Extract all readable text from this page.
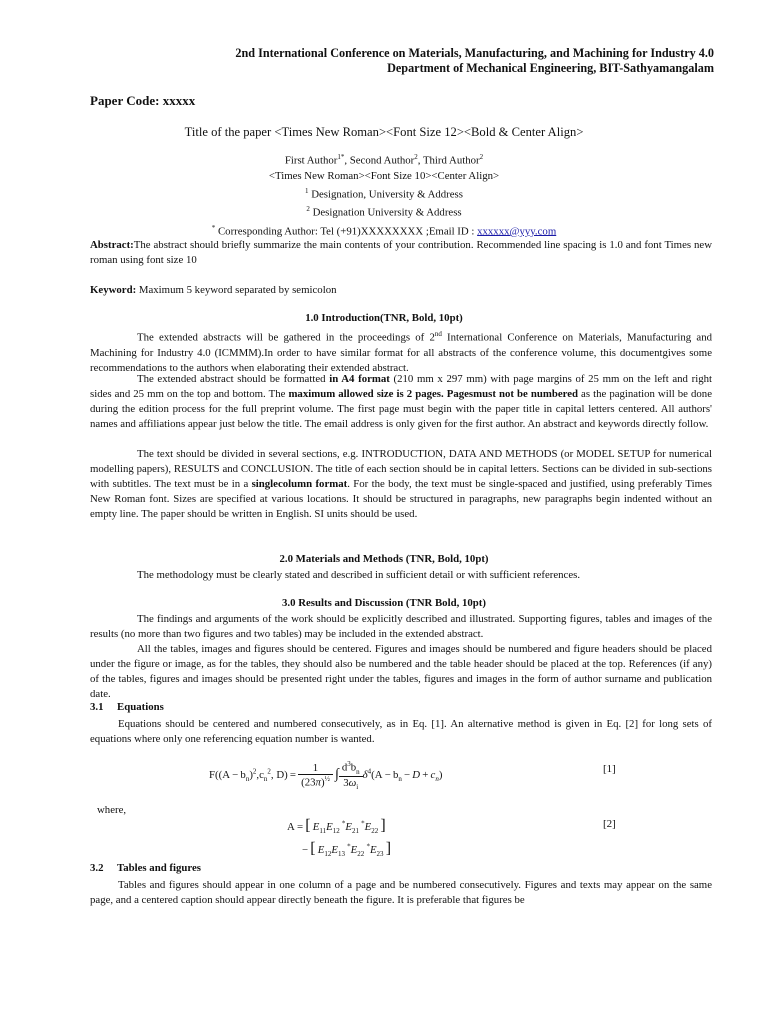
2nd International Conference on Materials, Manufacturing, and Machining for Industry 4.0
Department of Mechanical Engineering, BIT-Sathyamangalam
Paper Code: xxxxx
Title of the paper <Times New Roman><Font Size 12><Bold & Center Align>
First Author$^{1*}$, Second Author$^2$, Third Author$^2$
<Times New Roman><Font Size 10><Center Align>
$^1$ Designation, University & Address
$^2$ Designation University & Address
* Corresponding Author: Tel (+91)XXXXXXXX ;Email ID : xxxxxx@yyy.com
Abstract:The abstract should briefly summarize the main contents of your contribution. Recommended line spacing is 1.0 and font Times new roman using font size 10
Keyword: Maximum 5 keyword separated by semicolon
1.0 Introduction(TNR, Bold, 10pt)
The extended abstracts will be gathered in the proceedings of 2nd International Conference on Materials, Manufacturing and Machining for Industry 4.0 (ICMMM).In order to have similar format for all abstracts of the conference volume, this documentgives some recommendations to the authors when elaborating their extended abstract.
The extended abstract should be formatted in A4 format (210 mm x 297 mm) with page margins of 25 mm on the left and right sides and 25 mm on the top and bottom. The maximum allowed size is 2 pages. Pagesmust not be numbered as the pagination will be done during the edition process for the full preprint volume. The first page must begin with the paper title in capital letters centered. All authors' names and affiliations appear just below the title. The email address is only given for the first author. An abstract and keywords directly follow.
The text should be divided in several sections, e.g. INTRODUCTION, DATA AND METHODS (or MODEL SETUP for numerical modelling papers), RESULTS and CONCLUSION. The title of each section should be in capital letters. Sections can be divided in sub-sections with subtitles. The text must be in a singlecolumn format. For the body, the text must be single-spaced and justified, using preferably Times New Roman font. Sizes are specified at various locations. It should be structured in paragraphs, new paragraphs begin indented without an empty line. The paper should be written in English. SI units should be used.
2.0 Materials and Methods (TNR, Bold, 10pt)
The methodology must be clearly stated and described in sufficient detail or with sufficient references.
3.0 Results and Discussion (TNR Bold, 10pt)
The findings and arguments of the work should be explicitly described and illustrated. Supporting figures, tables and images of the results (no more than two figures and two tables) may be included in the extended abstract.
All the tables, images and figures should be centered. Figures and images should be numbered and figure headers should be placed under the figure or image, as for the tables, they should also be numbered and the table header should be placed at the top. References (if any) of the tables, figures and images should be presented right under the tables, figures and images in the form of author surname and publication date.
3.1 Equations
Equations should be centered and numbered consecutively, as in Eq. [1]. An alternative method is given in Eq. [2] for long sets of equations where only one referencing equation number is wanted.
$F((A - b_n)^2,c_n^2$, $D) = \frac{1}{(23\pi)^{\frac{1}{2}}}$
  ∫ $\frac{d^3b_n}{3\omega_i} \delta^4(A - b_n - D + c_n)$	[1]
where,
A = [  $E_{11}E_{12}$ $^*E_{21}$ $^*E_{22}$  ]	[2]
− [  $E_{12}E_{13}$ $^*E_{22}$ $^*E_{23}$  ]
3.2 Tables and figures
Tables and figures should appear in one column of a page and be numbered consecutively. Figures and texts may appear on the same page, and a centered caption should appear directly beneath the figure. It is preferable that figures be
